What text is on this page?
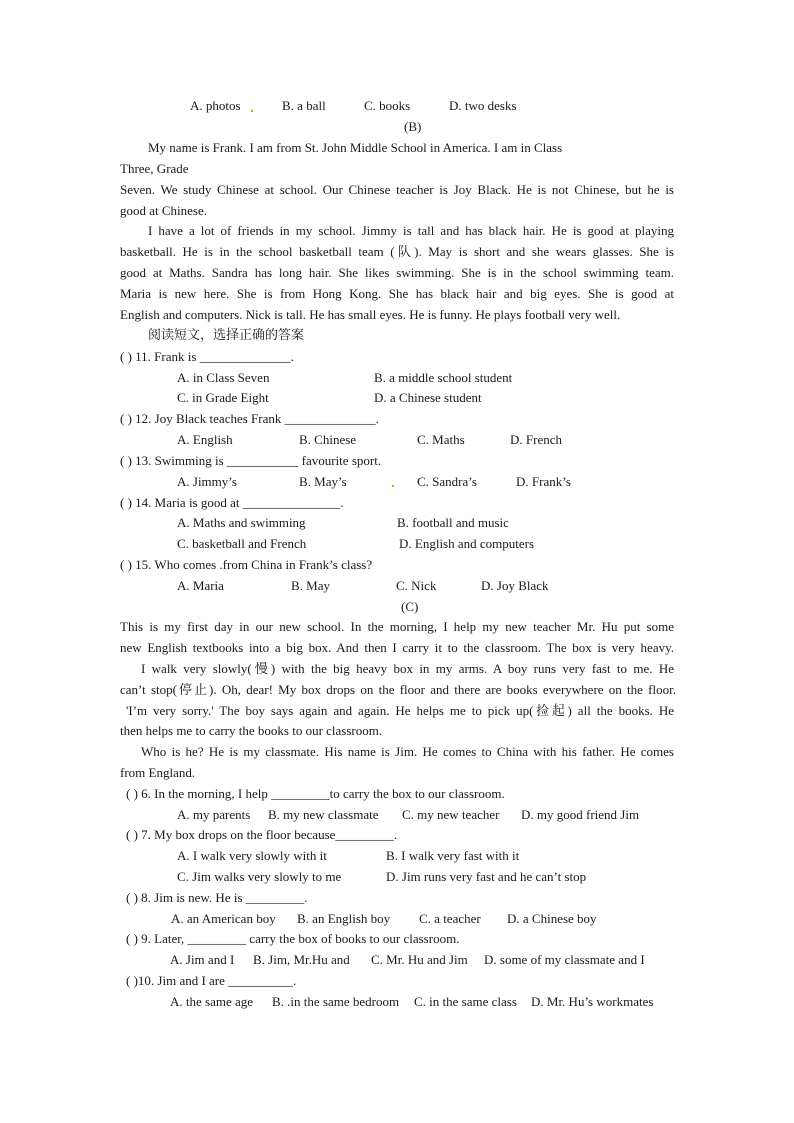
A. photos	B. a ball	C. books	D. two desks
(B)
My name is Frank. I am from St. John Middle School in America. I am in Class
Three, Grade
Seven. We study Chinese at school. Our Chinese teacher is Joy Black. He is not Chinese, but he is
good at Chinese.
I have a lot of friends in my school. Jimmy is tall and has black hair. He is good at playing
basketball. He is in the school basketball team (队). May is short and she wears glasses. She is
good at Maths. Sandra has long hair. She likes swimming. She is in the school swimming team.
Maria is new here. She is from Hong Kong. She has black hair and big eyes. She is good at
English and computers. Nick is tall. He has small eyes. He is funny. He plays football very well.
阅读短文，选择正确的答案
( ) 11. Frank is ______________.
A. in Class Seven	B. a middle school student
C. in Grade Eight	D. a Chinese student
( ) 12. Joy Black teaches Frank ______________.
A. English	B. Chinese	C. Maths	D. French
( ) 13. Swimming is ___________ favourite sport.
A. Jimmy’s	B. May’s	C. Sandra’s	D. Frank’s
( ) 14. Maria is good at _______________.
A. Maths and swimming	B. football and music
C. basketball and French	D. English and computers
( ) 15. Who comes .from China in Frank’s class?
A. Maria	B. May	C. Nick	D. Joy Black
(C)
This is my first day in our new school. In the morning, I help my new teacher Mr. Hu put some
new English textbooks into a big box. And then I carry it to the classroom. The box is very heavy.
I walk very slowly(慢) with the big heavy box in my arms. A boy runs very fast to me. He
can’t stop(停止). Oh, dear! My box drops on the floor and there are books everywhere on the floor.
'I’m very sorry.' The boy says again and again. He helps me to pick up(捡起) all the books. He
then helps me to carry the books to our classroom.
Who is he? He is my classmate. His name is Jim. He comes to China with his father. He comes
from England.
( ) 6. In the morning, I help _________to carry the box to our classroom.
A. my parents B. my new classmate C. my new teacher D. my good friend Jim
( ) 7. My box drops on the floor because_________.
A. I walk very slowly with it	B. I walk very fast with it
C. Jim walks very slowly to me	D. Jim runs very fast and he can’t stop
( ) 8. Jim is new. He is _________.
A. an American boy B. an English boy C. a teacher D. a Chinese boy
( ) 9. Later, _________ carry the box of books to our classroom.
A. Jim and I B. Jim, Mr.Hu and C. Mr. Hu and Jim D. some of my classmate and I
( )10. Jim and I are __________.
A. the same age B. .in the same bedroom C. in the same class D. Mr. Hu’s workmates
